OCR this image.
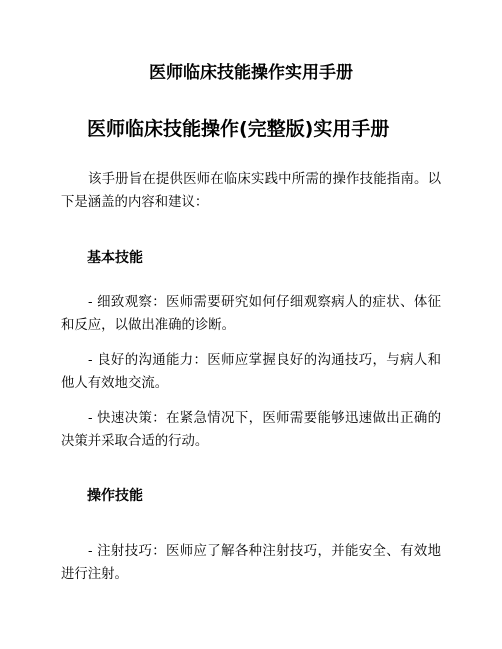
医师临床技能操作实用手册
医师临床技能操作(完整版)实用手册

该手册旨在提供医师在临床实践中所需的操作技能指南。以下是涵盖的内容和建议：

基本技能

- 细致观察：医师需要研究如何仔细观察病人的症状、体征和反应，以做出准确的诊断。

- 良好的沟通能力：医师应掌握良好的沟通技巧，与病人和他人有效地交流。

- 快速决策：在紧急情况下，医师需要能够迅速做出正确的决策并采取合适的行动。

操作技能

- 注射技巧：医师应了解各种注射技巧，并能安全、有效地进行注射。
